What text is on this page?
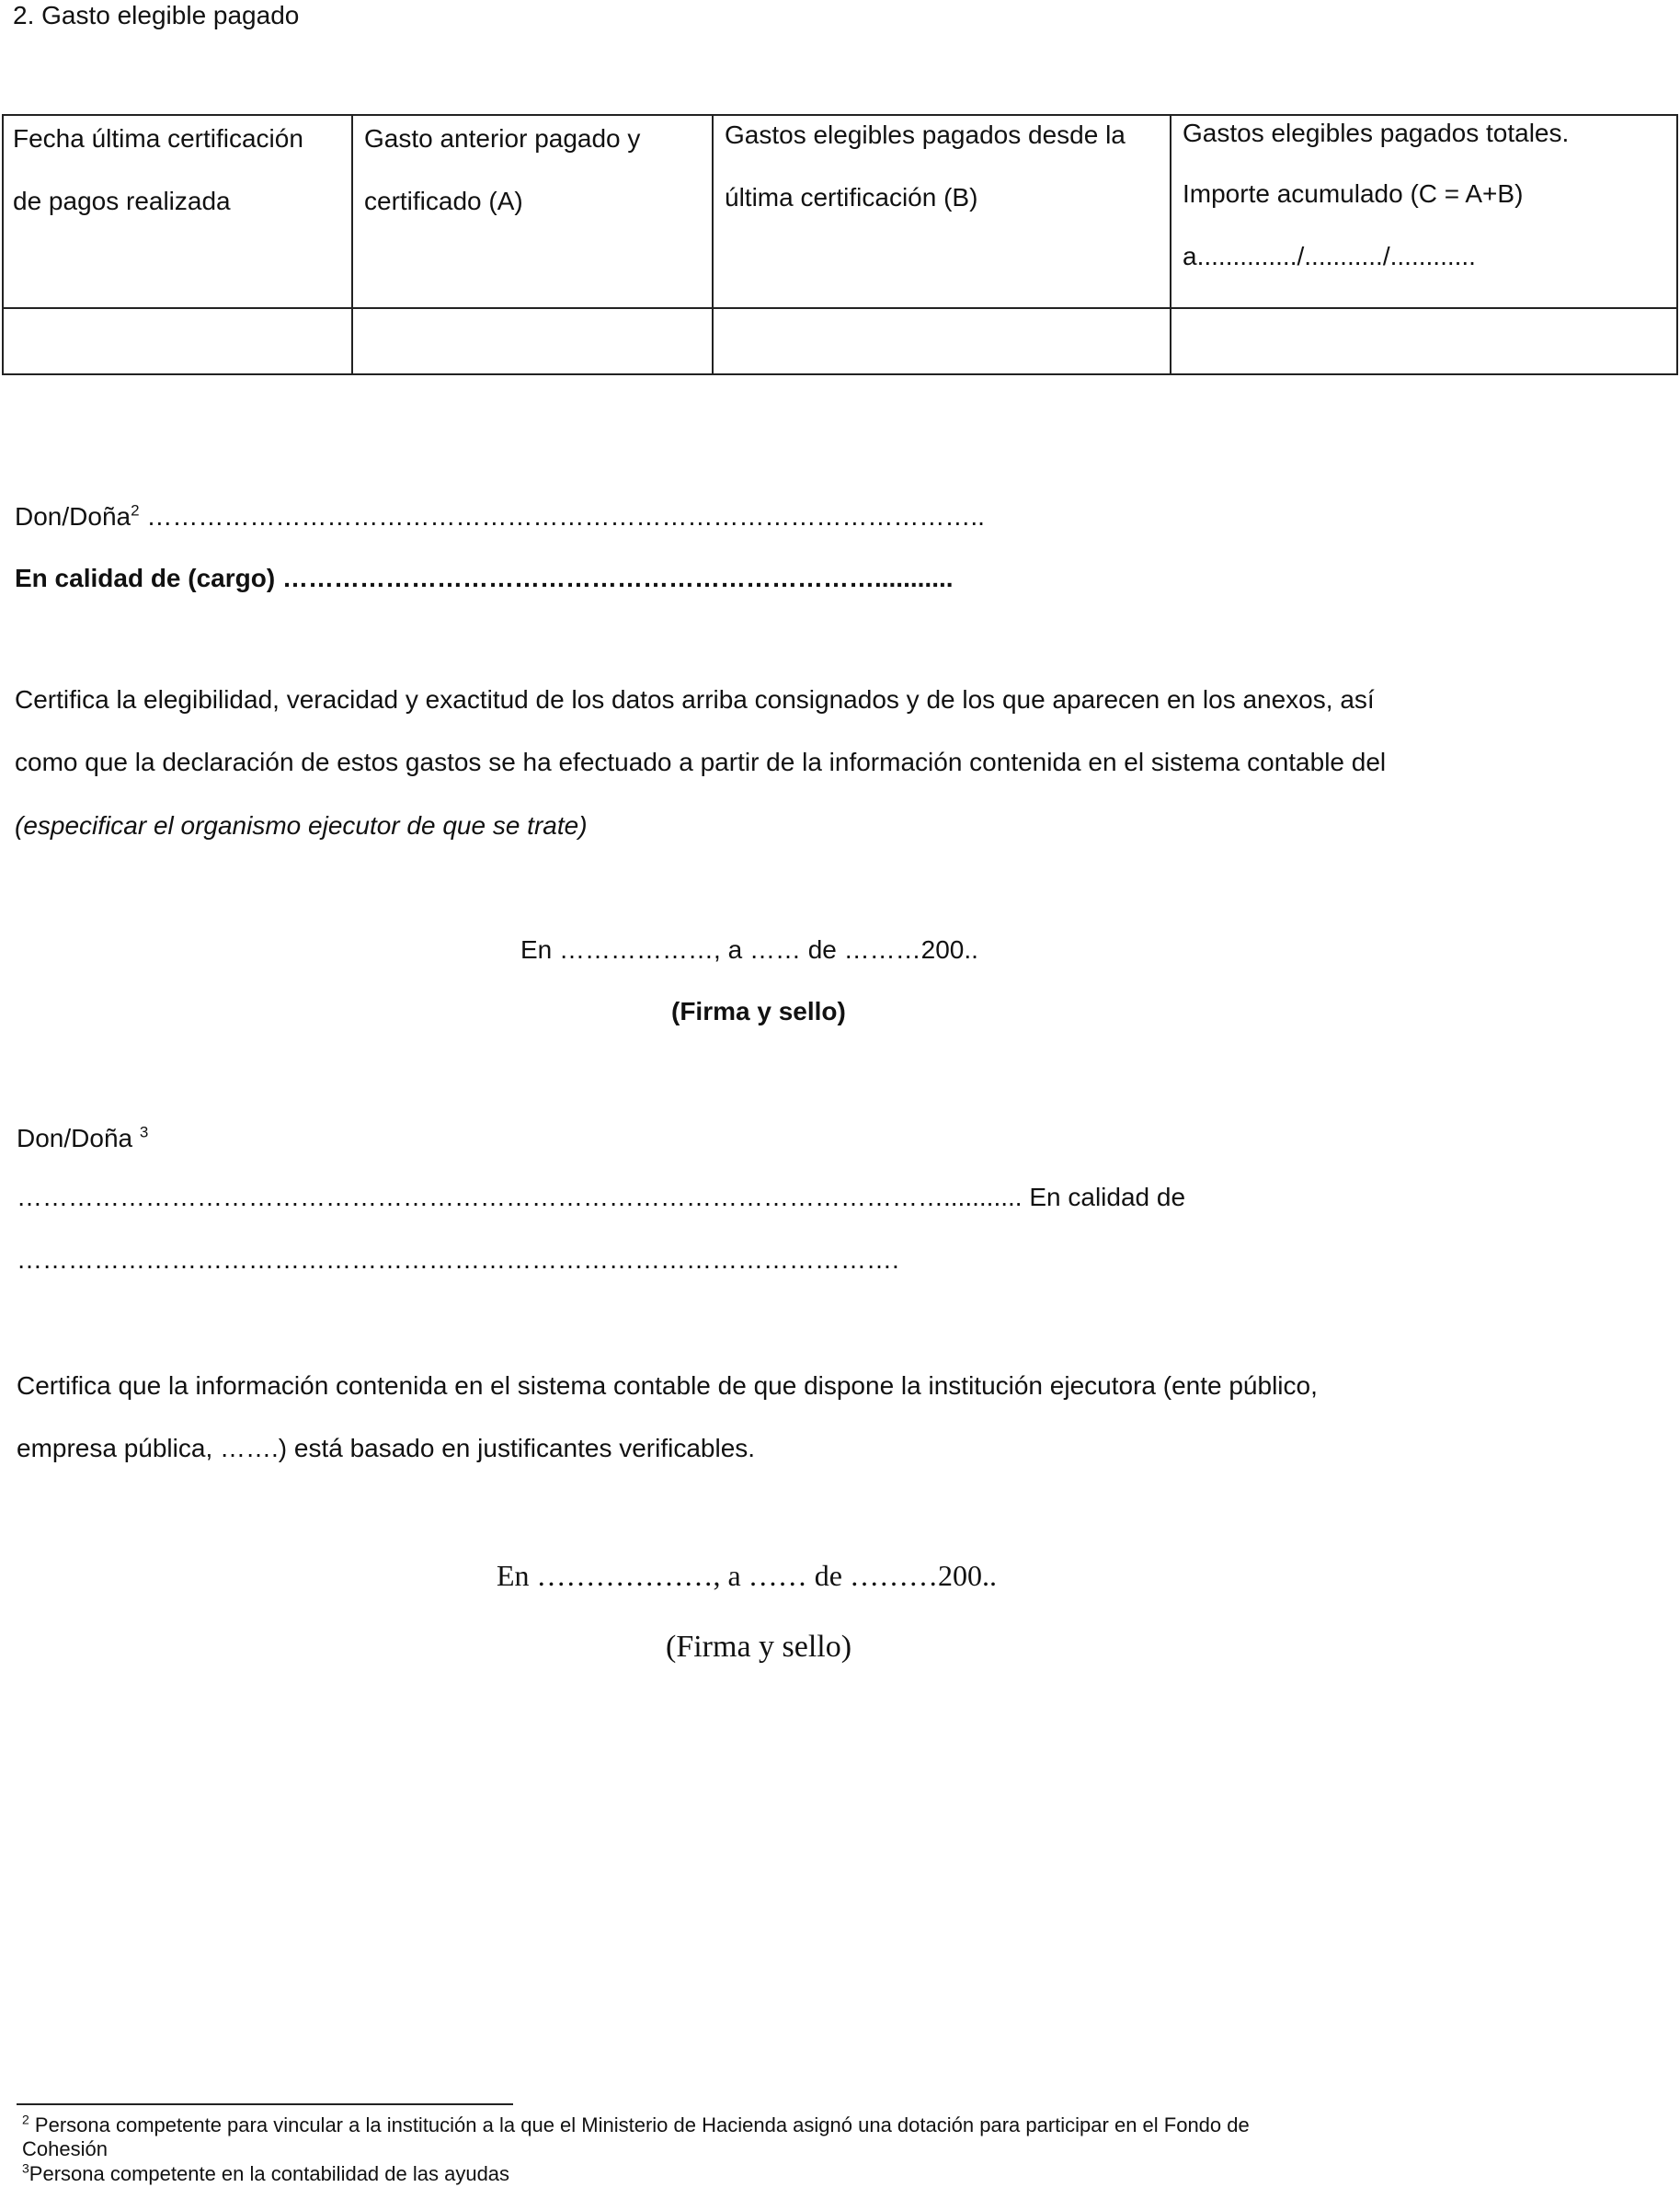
2. Gasto elegible pagado
Fecha última certificación
de pagos realizada
Gasto anterior pagado y
certificado (A)
Gastos elegibles pagados desde la
última certificación (B)
Gastos elegibles pagados totales.
Importe acumulado (C = A+B)
a............../.........../............
Don/Doña$^2$ ……………………………………………………………………………………..
En calidad de (cargo) ……………………………………………………………...........
Certifica la elegibilidad, veracidad y exactitud de los datos arriba consignados y de los que aparecen en los anexos, así
como que la declaración de estos gastos se ha efectuado a partir de la información contenida en el sistema contable del
(especificar el organismo ejecutor de que se trate)
En ………………, a …… de ………200..
(Firma y sello)
Don/Doña $^3$
………………………………………………………………………………………………........... En calidad de
………………………………………………………………………………………….
Certifica que la información contenida en el sistema contable de que dispone la institución ejecutora (ente público,
empresa pública, …….) está basado en justificantes verificables.
En ………………, a …… de ………200..
(Firma y sello)
$^2$ Persona competente para vincular a la institución a la que el Ministerio de Hacienda asignó una dotación para participar en el Fondo de
Cohesión
$^3$Persona competente en la contabilidad de las ayudas
